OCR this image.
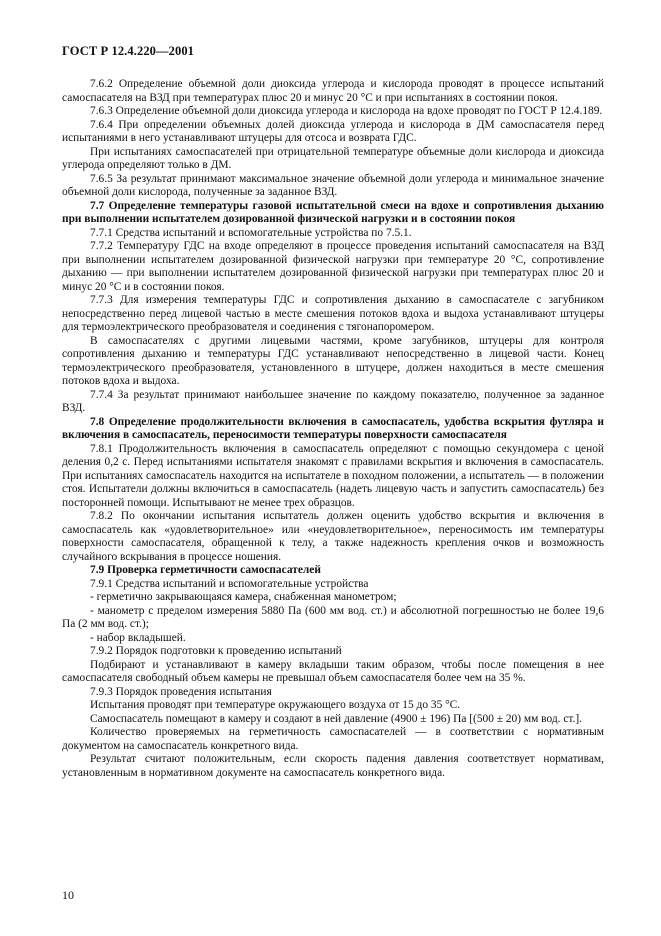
ГОСТ Р 12.4.220—2001

7.6.2 Определение объемной доли диоксида углерода и кислорода проводят в процессе испытаний самоспасателя на ВЗД при температурах плюс 20 и минус 20 °С и при испытаниях в состоянии покоя.

7.6.3 Определение объемной доли диоксида углерода и кислорода на вдохе проводят по ГОСТ Р 12.4.189.

7.6.4 При определении объемных долей диоксида углерода и кислорода в ДМ самоспасателя перед испытаниями в него устанавливают штуцеры для отсоса и возврата ГДС.

При испытаниях самоспасателей при отрицательной температуре объемные доли кислорода и диоксида углерода определяют только в ДМ.

7.6.5 За результат принимают максимальное значение объемной доли углерода и минимальное значение объемной доли кислорода, полученные за заданное ВЗД.

7.7 Определение температуры газовой испытательной смеси на вдохе и сопротивления дыханию при выполнении испытателем дозированной физической нагрузки и в состоянии покоя

7.7.1 Средства испытаний и вспомогательные устройства по 7.5.1.

7.7.2 Температуру ГДС на входе определяют в процессе проведения испытаний самоспасателя на ВЗД при выполнении испытателем дозированной физической нагрузки при температуре 20 °С, сопротивление дыханию — при выполнении испытателем дозированной физической нагрузки при температурах плюс 20 и минус 20 °С и в состоянии покоя.

7.7.3 Для измерения температуры ГДС и сопротивления дыханию в самоспасателе с загубником непосредственно перед лицевой частью в месте смешения потоков вдоха и выдоха устанавливают штуцеры для термоэлектрического преобразователя и соединения с тягонапоромером.

В самоспасателях с другими лицевыми частями, кроме загубников, штуцеры для контроля сопротивления дыханию и температуры ГДС устанавливают непосредственно в лицевой части. Конец термоэлектрического преобразователя, установленного в штуцере, должен находиться в месте смешения потоков вдоха и выдоха.

7.7.4 За результат принимают наибольшее значение по каждому показателю, полученное за заданное ВЗД.

7.8 Определение продолжительности включения в самоспасатель, удобства вскрытия футляра и включения в самоспасатель, переносимости температуры поверхности самоспасателя

7.8.1 Продолжительность включения в самоспасатель определяют с помощью секундомера с ценой деления 0,2 с. Перед испытаниями испытателя знакомят с правилами вскрытия и включения в самоспасатель. При испытаниях самоспасатель находится на испытателе в походном положении, а испытатель — в положении стоя. Испытатели должны включиться в самоспасатель (надеть лицевую часть и запустить самоспасатель) без посторонней помощи. Испытывают не менее трех образцов.

7.8.2 По окончании испытания испытатель должен оценить удобство вскрытия и включения в самоспасатель как «удовлетворительное» или «неудовлетворительное», переносимость им температуры поверхности самоспасателя, обращенной к телу, а также надежность крепления очков и возможность случайного вскрывания в процессе ношения.

7.9 Проверка герметичности самоспасателей

7.9.1 Средства испытаний и вспомогательные устройства

- герметично закрывающаяся камера, снабженная манометром;

- манометр с пределом измерения 5880 Па (600 мм вод. ст.) и абсолютной погрешностью не более 19,6 Па (2 мм вод. ст.);

- набор вкладышей.

7.9.2 Порядок подготовки к проведению испытаний

Подбирают и устанавливают в камеру вкладыши таким образом, чтобы после помещения в нее самоспасателя свободный объем камеры не превышал объем самоспасателя более чем на 35 %.

7.9.3 Порядок проведения испытания

Испытания проводят при температуре окружающего воздуха от 15 до 35 °С.

Самоспасатель помещают в камеру и создают в ней давление (4900 ± 196) Па [(500 ± 20) мм вод. ст.].

Количество проверяемых на герметичность самоспасателей — в соответствии с нормативным документом на самоспасатель конкретного вида.

Результат считают положительным, если скорость падения давления соответствует нормативам, установленным в нормативном документе на самоспасатель конкретного вида.

10
